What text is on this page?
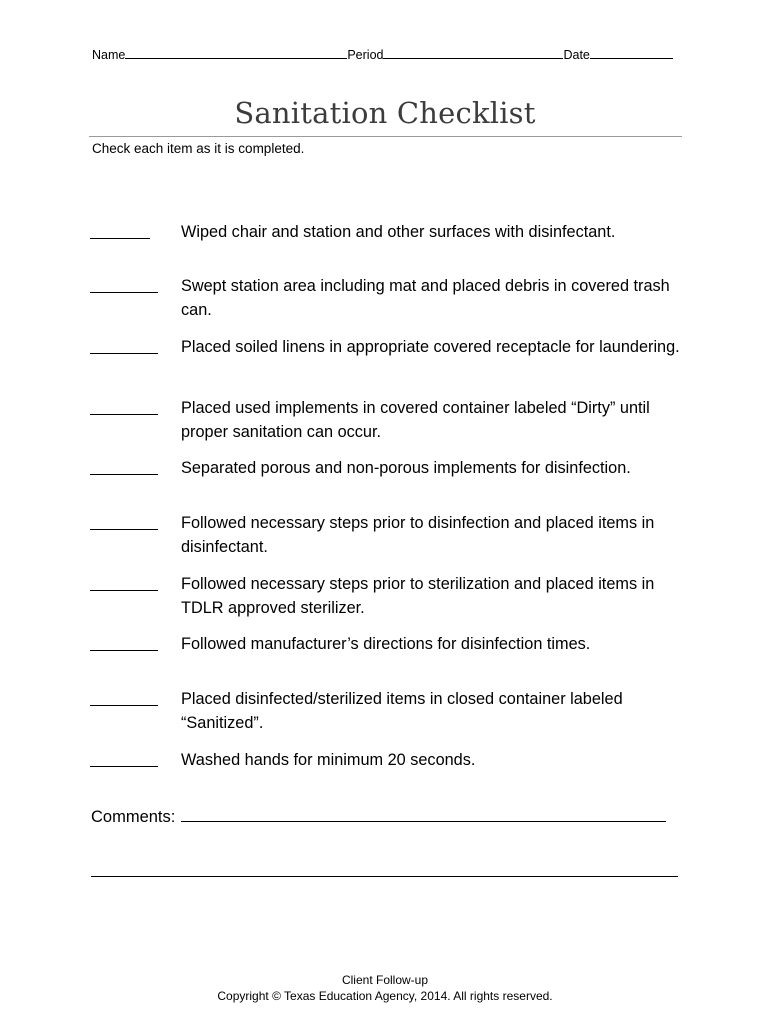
Name	Period	Date
Sanitation Checklist
Check each item as it is completed.
Wiped chair and station and other surfaces with disinfectant.
Swept station area including mat and placed debris in covered trash can.
Placed soiled linens in appropriate covered receptacle for laundering.
Placed used implements in covered container labeled “Dirty” until proper sanitation can occur.
Separated porous and non-porous implements for disinfection.
Followed necessary steps prior to disinfection and placed items in disinfectant.
Followed necessary steps prior to sterilization and placed items in TDLR approved sterilizer.
Followed manufacturer’s directions for disinfection times.
Placed disinfected/sterilized items in closed container labeled “Sanitized”.
Washed hands for minimum 20 seconds.
Comments:
Client Follow-up
Copyright © Texas Education Agency, 2014. All rights reserved.
